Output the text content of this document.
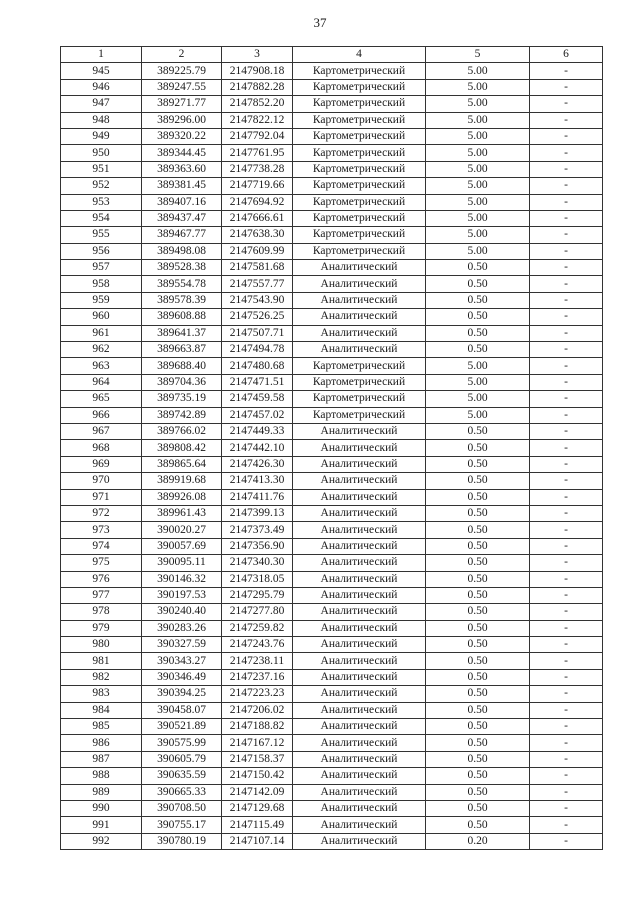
37
1	2	3	4	5	6
945	389225.79	2147908.18	Картометрический	5.00	-
946	389247.55	2147882.28	Картометрический	5.00	-
947	389271.77	2147852.20	Картометрический	5.00	-
948	389296.00	2147822.12	Картометрический	5.00	-
949	389320.22	2147792.04	Картометрический	5.00	-
950	389344.45	2147761.95	Картометрический	5.00	-
951	389363.60	2147738.28	Картометрический	5.00	-
952	389381.45	2147719.66	Картометрический	5.00	-
953	389407.16	2147694.92	Картометрический	5.00	-
954	389437.47	2147666.61	Картометрический	5.00	-
955	389467.77	2147638.30	Картометрический	5.00	-
956	389498.08	2147609.99	Картометрический	5.00	-
957	389528.38	2147581.68	Аналитический	0.50	-
958	389554.78	2147557.77	Аналитический	0.50	-
959	389578.39	2147543.90	Аналитический	0.50	-
960	389608.88	2147526.25	Аналитический	0.50	-
961	389641.37	2147507.71	Аналитический	0.50	-
962	389663.87	2147494.78	Аналитический	0.50	-
963	389688.40	2147480.68	Картометрический	5.00	-
964	389704.36	2147471.51	Картометрический	5.00	-
965	389735.19	2147459.58	Картометрический	5.00	-
966	389742.89	2147457.02	Картометрический	5.00	-
967	389766.02	2147449.33	Аналитический	0.50	-
968	389808.42	2147442.10	Аналитический	0.50	-
969	389865.64	2147426.30	Аналитический	0.50	-
970	389919.68	2147413.30	Аналитический	0.50	-
971	389926.08	2147411.76	Аналитический	0.50	-
972	389961.43	2147399.13	Аналитический	0.50	-
973	390020.27	2147373.49	Аналитический	0.50	-
974	390057.69	2147356.90	Аналитический	0.50	-
975	390095.11	2147340.30	Аналитический	0.50	-
976	390146.32	2147318.05	Аналитический	0.50	-
977	390197.53	2147295.79	Аналитический	0.50	-
978	390240.40	2147277.80	Аналитический	0.50	-
979	390283.26	2147259.82	Аналитический	0.50	-
980	390327.59	2147243.76	Аналитический	0.50	-
981	390343.27	2147238.11	Аналитический	0.50	-
982	390346.49	2147237.16	Аналитический	0.50	-
983	390394.25	2147223.23	Аналитический	0.50	-
984	390458.07	2147206.02	Аналитический	0.50	-
985	390521.89	2147188.82	Аналитический	0.50	-
986	390575.99	2147167.12	Аналитический	0.50	-
987	390605.79	2147158.37	Аналитический	0.50	-
988	390635.59	2147150.42	Аналитический	0.50	-
989	390665.33	2147142.09	Аналитический	0.50	-
990	390708.50	2147129.68	Аналитический	0.50	-
991	390755.17	2147115.49	Аналитический	0.50	-
992	390780.19	2147107.14	Аналитический	0.20	-
